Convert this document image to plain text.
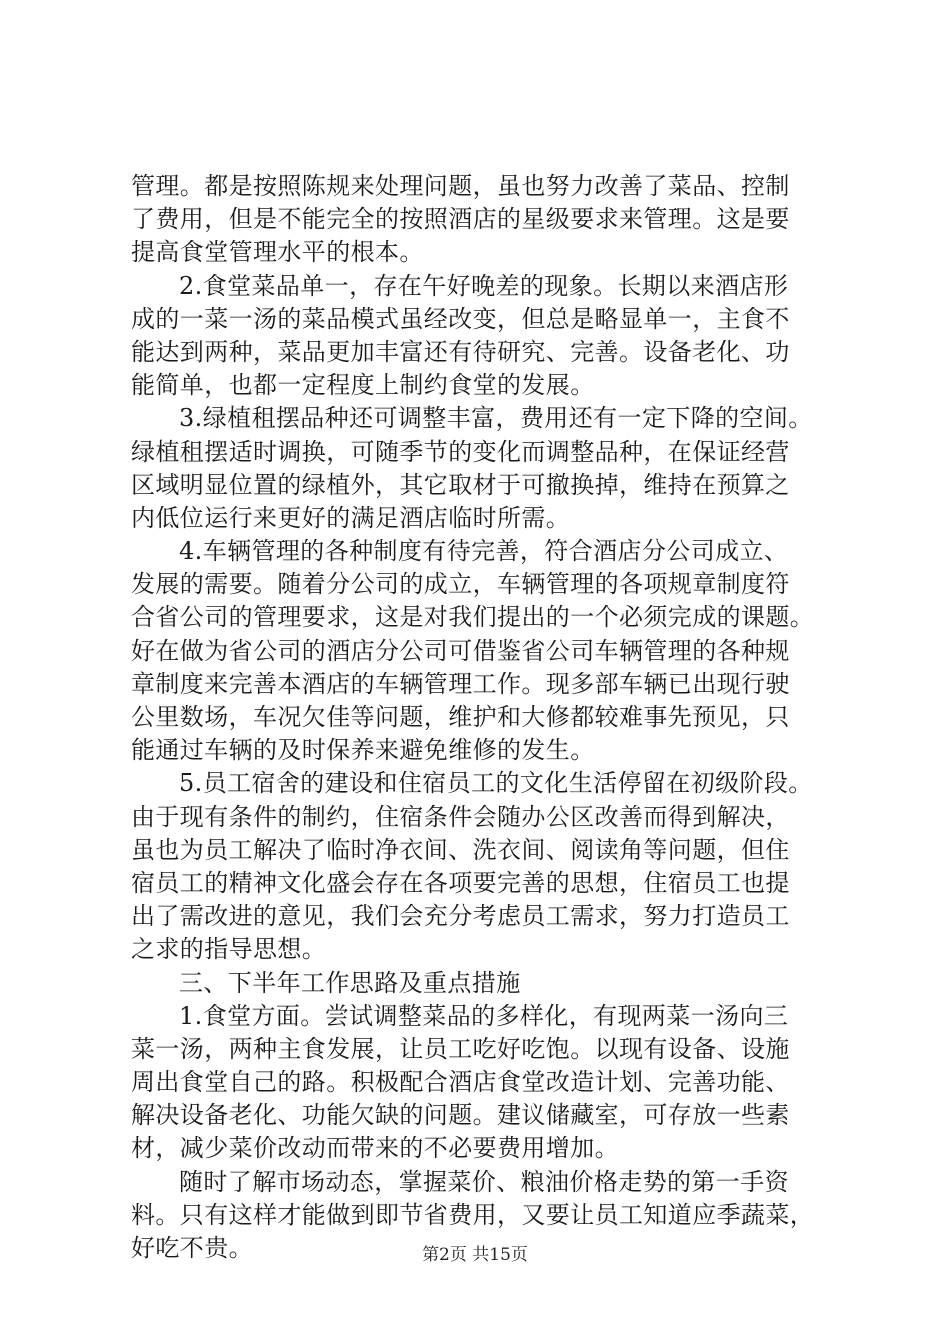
管理。都是按照陈规来处理问题，虽也努力改善了菜品、控制
了费用，但是不能完全的按照酒店的星级要求来管理。这是要
提高食堂管理水平的根本。
2.食堂菜品单一，存在午好晚差的现象。长期以来酒店形
成的一菜一汤的菜品模式虽经改变，但总是略显单一，主食不
能达到两种，菜品更加丰富还有待研究、完善。设备老化、功
能简单，也都一定程度上制约食堂的发展。
3.绿植租摆品种还可调整丰富，费用还有一定下降的空间。
绿植租摆适时调换，可随季节的变化而调整品种，在保证经营
区域明显位置的绿植外，其它取材于可撤换掉，维持在预算之
内低位运行来更好的满足酒店临时所需。
4.车辆管理的各种制度有待完善，符合酒店分公司成立、
发展的需要。随着分公司的成立，车辆管理的各项规章制度符
合省公司的管理要求，这是对我们提出的一个必须完成的课题。
好在做为省公司的酒店分公司可借鉴省公司车辆管理的各种规
章制度来完善本酒店的车辆管理工作。现多部车辆已出现行驶
公里数场，车况欠佳等问题，维护和大修都较难事先预见，只
能通过车辆的及时保养来避免维修的发生。
5.员工宿舍的建设和住宿员工的文化生活停留在初级阶段。
由于现有条件的制约，住宿条件会随办公区改善而得到解决，
虽也为员工解决了临时净衣间、洗衣间、阅读角等问题，但住
宿员工的精神文化盛会存在各项要完善的思想，住宿员工也提
出了需改进的意见，我们会充分考虑员工需求，努力打造员工
之求的指导思想。
三、下半年工作思路及重点措施
1.食堂方面。尝试调整菜品的多样化，有现两菜一汤向三
菜一汤，两种主食发展，让员工吃好吃饱。以现有设备、设施
周出食堂自己的路。积极配合酒店食堂改造计划、完善功能、
解决设备老化、功能欠缺的问题。建议储藏室，可存放一些素
材，减少菜价改动而带来的不必要费用增加。
随时了解市场动态，掌握菜价、粮油价格走势的第一手资
料。只有这样才能做到即节省费用，又要让员工知道应季蔬菜，
好吃不贵。	第2页 共15页
